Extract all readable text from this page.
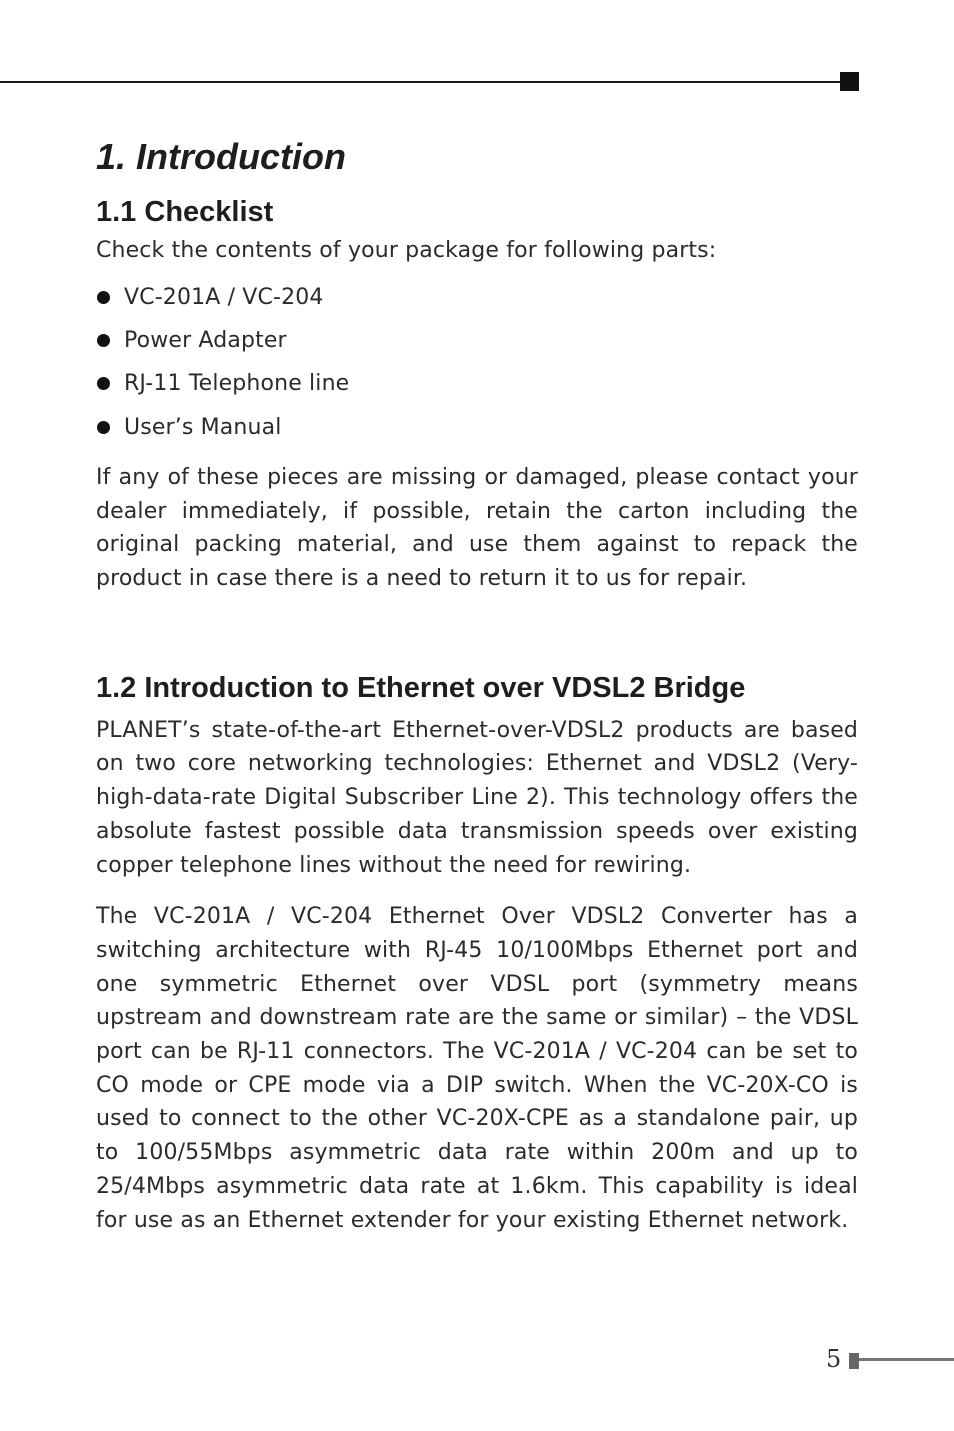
1. Introduction
1.1 Checklist

Check the contents of your package for following parts:

VC-201A / VC-204
Power Adapter
RJ-11 Telephone line
User’s Manual

If any of these pieces are missing or damaged, please contact your dealer immediately, if possible, retain the carton including the original packing material, and use them against to repack the product in case there is a need to return it to us for repair.

1.2 Introduction to Ethernet over VDSL2 Bridge

PLANET’s state-of-the-art Ethernet-over-VDSL2 products are based on two core networking technologies: Ethernet and VDSL2 (Very-high-data-rate Digital Subscriber Line 2). This technology offers the absolute fastest possible data transmission speeds over existing copper telephone lines without the need for rewiring.

The VC-201A / VC-204 Ethernet Over VDSL2 Converter has a switching architecture with RJ-45 10/100Mbps Ethernet port and one symmetric Ethernet over VDSL port (symmetry means upstream and downstream rate are the same or similar) – the VDSL port can be RJ-11 connectors. The VC-201A / VC-204 can be set to CO mode or CPE mode via a DIP switch. When the VC-20X-CO is used to connect to the other VC-20X-CPE as a standalone pair, up to 100/55Mbps asymmetric data rate within 200m and up to 25/4Mbps asymmetric data rate at 1.6km. This capability is ideal for use as an Ethernet extender for your existing Ethernet network.

5
